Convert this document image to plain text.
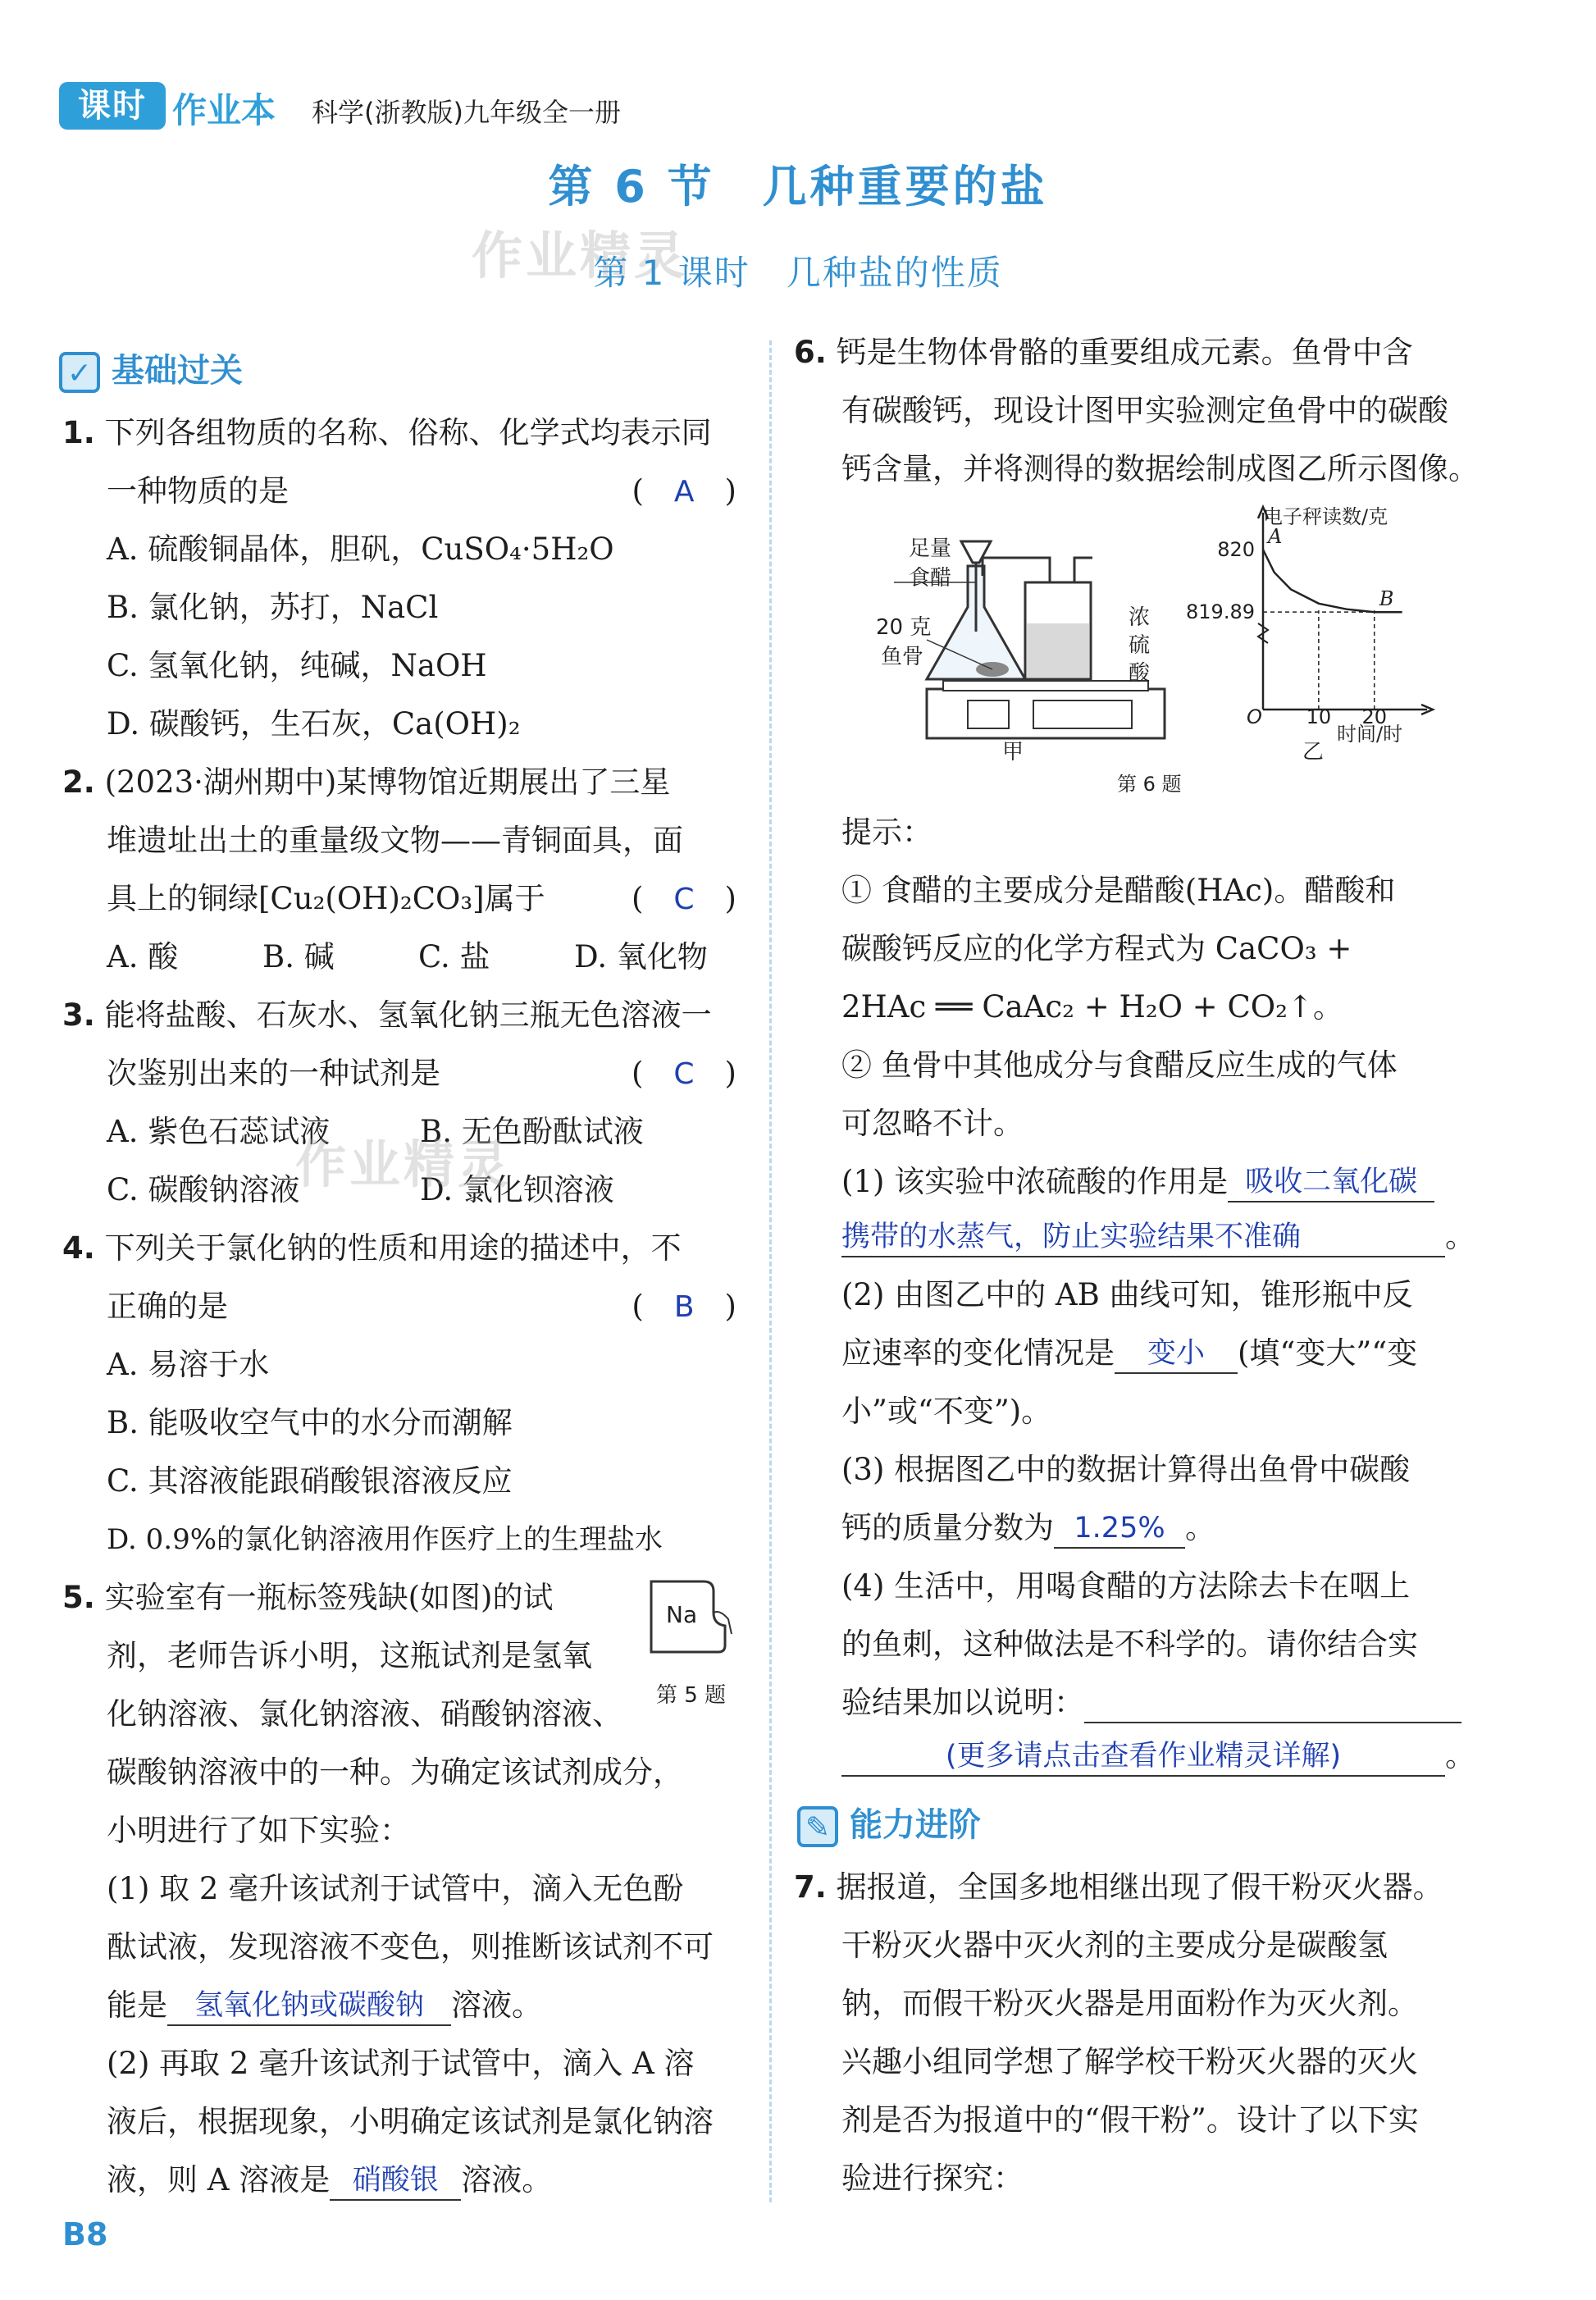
课时 作业本 科学(浙教版)九年级全一册
第 6 节　几种重要的盐
作业精灵
第 1 课时　几种盐的性质
✓ 基础过关
1. 下列各组物质的名称、俗称、化学式均表示同
一种物质的是	(　A　)
A. 硫酸铜晶体，胆矾，CuSO₄·5H₂O
B. 氯化钠，苏打，NaCl
C. 氢氧化钠，纯碱，NaOH
D. 碳酸钙，生石灰，Ca(OH)₂
2. (2023·湖州期中)某博物馆近期展出了三星
堆遗址出土的重量级文物——青铜面具，面
具上的铜绿[Cu₂(OH)₂CO₃]属于	(　C　)
A. 酸	B. 碱	C. 盐	D. 氧化物
3. 能将盐酸、石灰水、氢氧化钠三瓶无色溶液一
次鉴别出来的一种试剂是	(　C　)
A. 紫色石蕊试液	B. 无色酚酞试液
C. 碳酸钠溶液	D. 氯化钡溶液
作业精灵
4. 下列关于氯化钠的性质和用途的描述中，不
正确的是	(　B　)
A. 易溶于水
B. 能吸收空气中的水分而潮解
C. 其溶液能跟硝酸银溶液反应
D. 0.9%的氯化钠溶液用作医疗上的生理盐水
5. 实验室有一瓶标签残缺(如图)的试
剂，老师告诉小明，这瓶试剂是氢氧
化钠溶液、氯化钠溶液、硝酸钠溶液、
碳酸钠溶液中的一种。为确定该试剂成分，
小明进行了如下实验：
Na
第 5 题
(1) 取 2 毫升该试剂于试管中，滴入无色酚
酞试液，发现溶液不变色，则推断该试剂不可
能是 氢氧化钠或碳酸钠 溶液。
(2) 再取 2 毫升该试剂于试管中，滴入 A 溶
液后，根据现象，小明确定该试剂是氯化钠溶
液，则 A 溶液是 硝酸银 溶液。
B8
6. 钙是生物体骨骼的重要组成元素。鱼骨中含
有碳酸钙，现设计图甲实验测定鱼骨中的碳酸
钙含量，并将测得的数据绘制成图乙所示图像。
足量
食醋
20 克
鱼骨
浓
硫
酸
甲
O
820
819.89
10 20
A
B
电子秤读数/克
时间/时
乙
第 6 题
提示：
① 食醋的主要成分是醋酸(HAc)。醋酸和
碳酸钙反应的化学方程式为 CaCO₃ +
2HAc ══ CaAc₂ + H₂O + CO₂↑。
② 鱼骨中其他成分与食醋反应生成的气体
可忽略不计。
(1) 该实验中浓硫酸的作用是 吸收二氧化碳
携带的水蒸气，防止实验结果不准确	。
(2) 由图乙中的 AB 曲线可知，锥形瓶中反
应速率的变化情况是 变小 (填“变大”“变
小”或“不变”)。
(3) 根据图乙中的数据计算得出鱼骨中碳酸
钙的质量分数为 1.25% 。
(4) 生活中，用喝食醋的方法除去卡在咽上
的鱼刺，这种做法是不科学的。请你结合实
验结果加以说明：
(更多请点击查看作业精灵详解)	。
✎ 能力进阶
7. 据报道，全国多地相继出现了假干粉灭火器。
干粉灭火器中灭火剂的主要成分是碳酸氢
钠，而假干粉灭火器是用面粉作为灭火剂。
兴趣小组同学想了解学校干粉灭火器的灭火
剂是否为报道中的“假干粉”。设计了以下实
验进行探究：
